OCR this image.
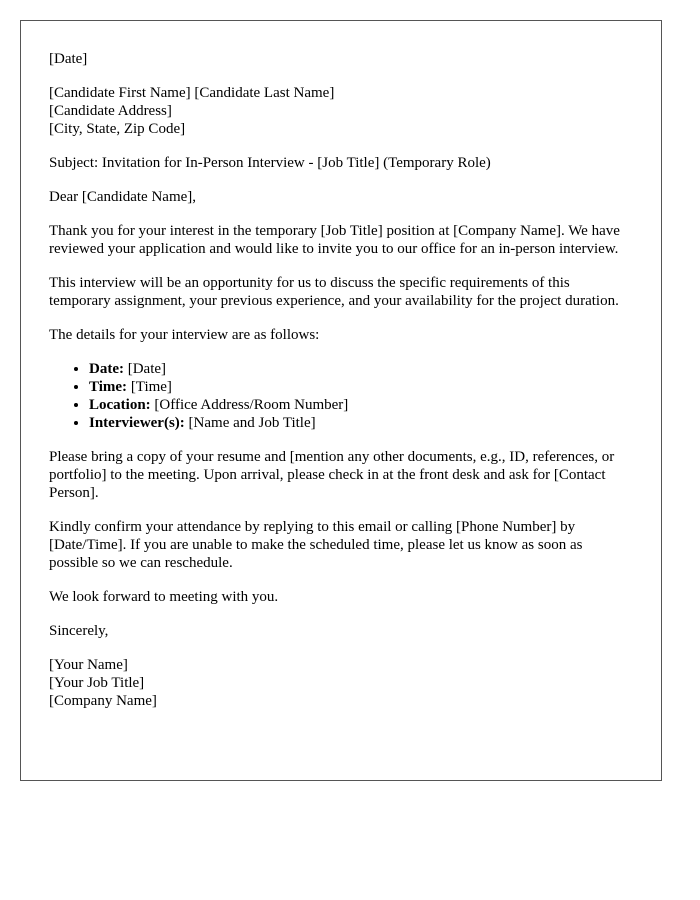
[Date]

[Candidate First Name] [Candidate Last Name]
[Candidate Address]
[City, State, Zip Code]

Subject: Invitation for In-Person Interview - [Job Title] (Temporary Role)

Dear [Candidate Name],

Thank you for your interest in the temporary [Job Title] position at [Company Name]. We have reviewed your application and would like to invite you to our office for an in-person interview.

This interview will be an opportunity for us to discuss the specific requirements of this temporary assignment, your previous experience, and your availability for the project duration.

The details for your interview are as follows:

• Date: [Date]
• Time: [Time]
• Location: [Office Address/Room Number]
• Interviewer(s): [Name and Job Title]

Please bring a copy of your resume and [mention any other documents, e.g., ID, references, or portfolio] to the meeting. Upon arrival, please check in at the front desk and ask for [Contact Person].

Kindly confirm your attendance by replying to this email or calling [Phone Number] by [Date/Time]. If you are unable to make the scheduled time, please let us know as soon as possible so we can reschedule.

We look forward to meeting with you.

Sincerely,

[Your Name]
[Your Job Title]
[Company Name]
